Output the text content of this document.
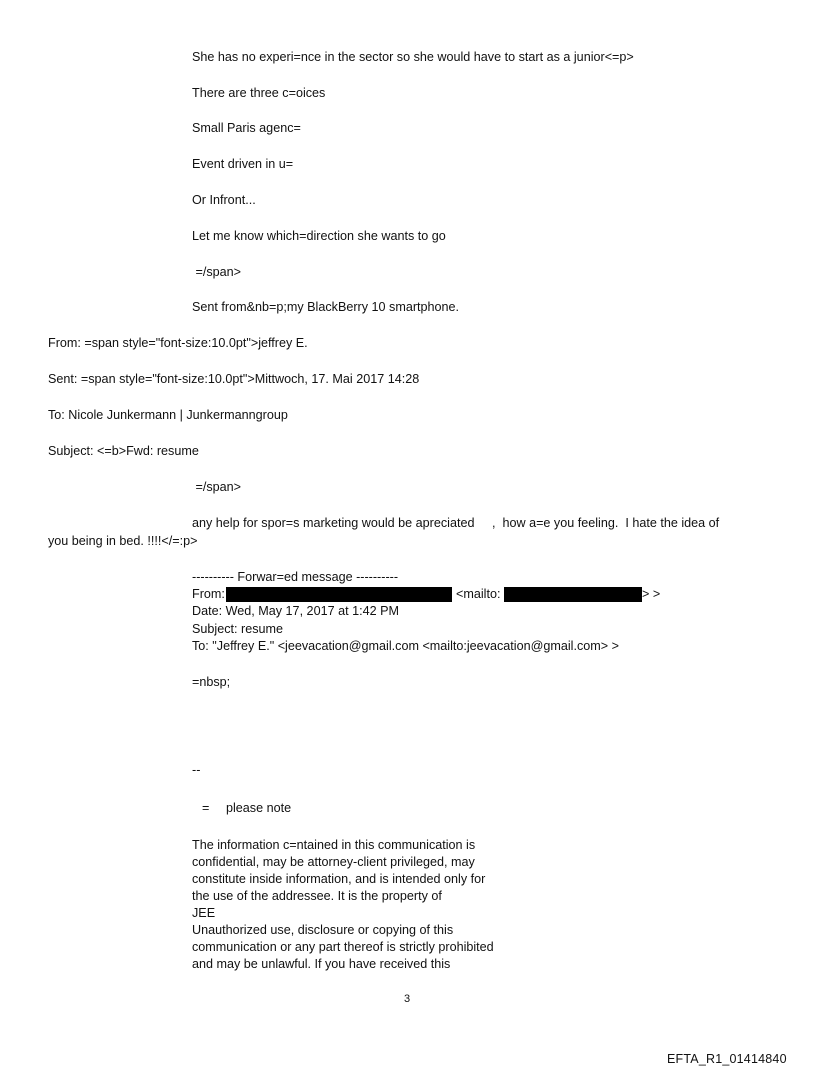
She has no experi=nce in the sector so she would have to start as a junior<=p>
There are three c=oices
Small Paris agenc=
Event driven in u=
Or Infront...
Let me know which=direction she wants to go
=/span>
Sent from&nb=p;my BlackBerry 10 smartphone.
From: =span style="font-size:10.0pt">jeffrey E.
Sent: =span style="font-size:10.0pt">Mittwoch, 17. Mai 2017 14:28
To: Nicole Junkermann | Junkermanngroup
Subject: <=b>Fwd: resume
=/span>
any help for spor=s marketing would be apreciated     ,  how a=e you feeling.  I hate the idea of
you being in bed. !!!!</=:p>
---------- Forwar=ed message ----------
From:	<mailto:	> >
Date: Wed, May 17, 2017 at 1:42 PM
Subject: resume
To: "Jeffrey E." <jeevacation@gmail.com <mailto:jeevacation@gmail.com> >
=nbsp;
--
= please note
The information c=ntained in this communication is
confidential, may be attorney-client privileged, may
constitute inside information, and is intended only for
the use of the addressee. It is the property of
JEE
Unauthorized use, disclosure or copying of this
communication or any part thereof is strictly prohibited
and may be unlawful. If you have received this
3
EFTA_R1_01414840
